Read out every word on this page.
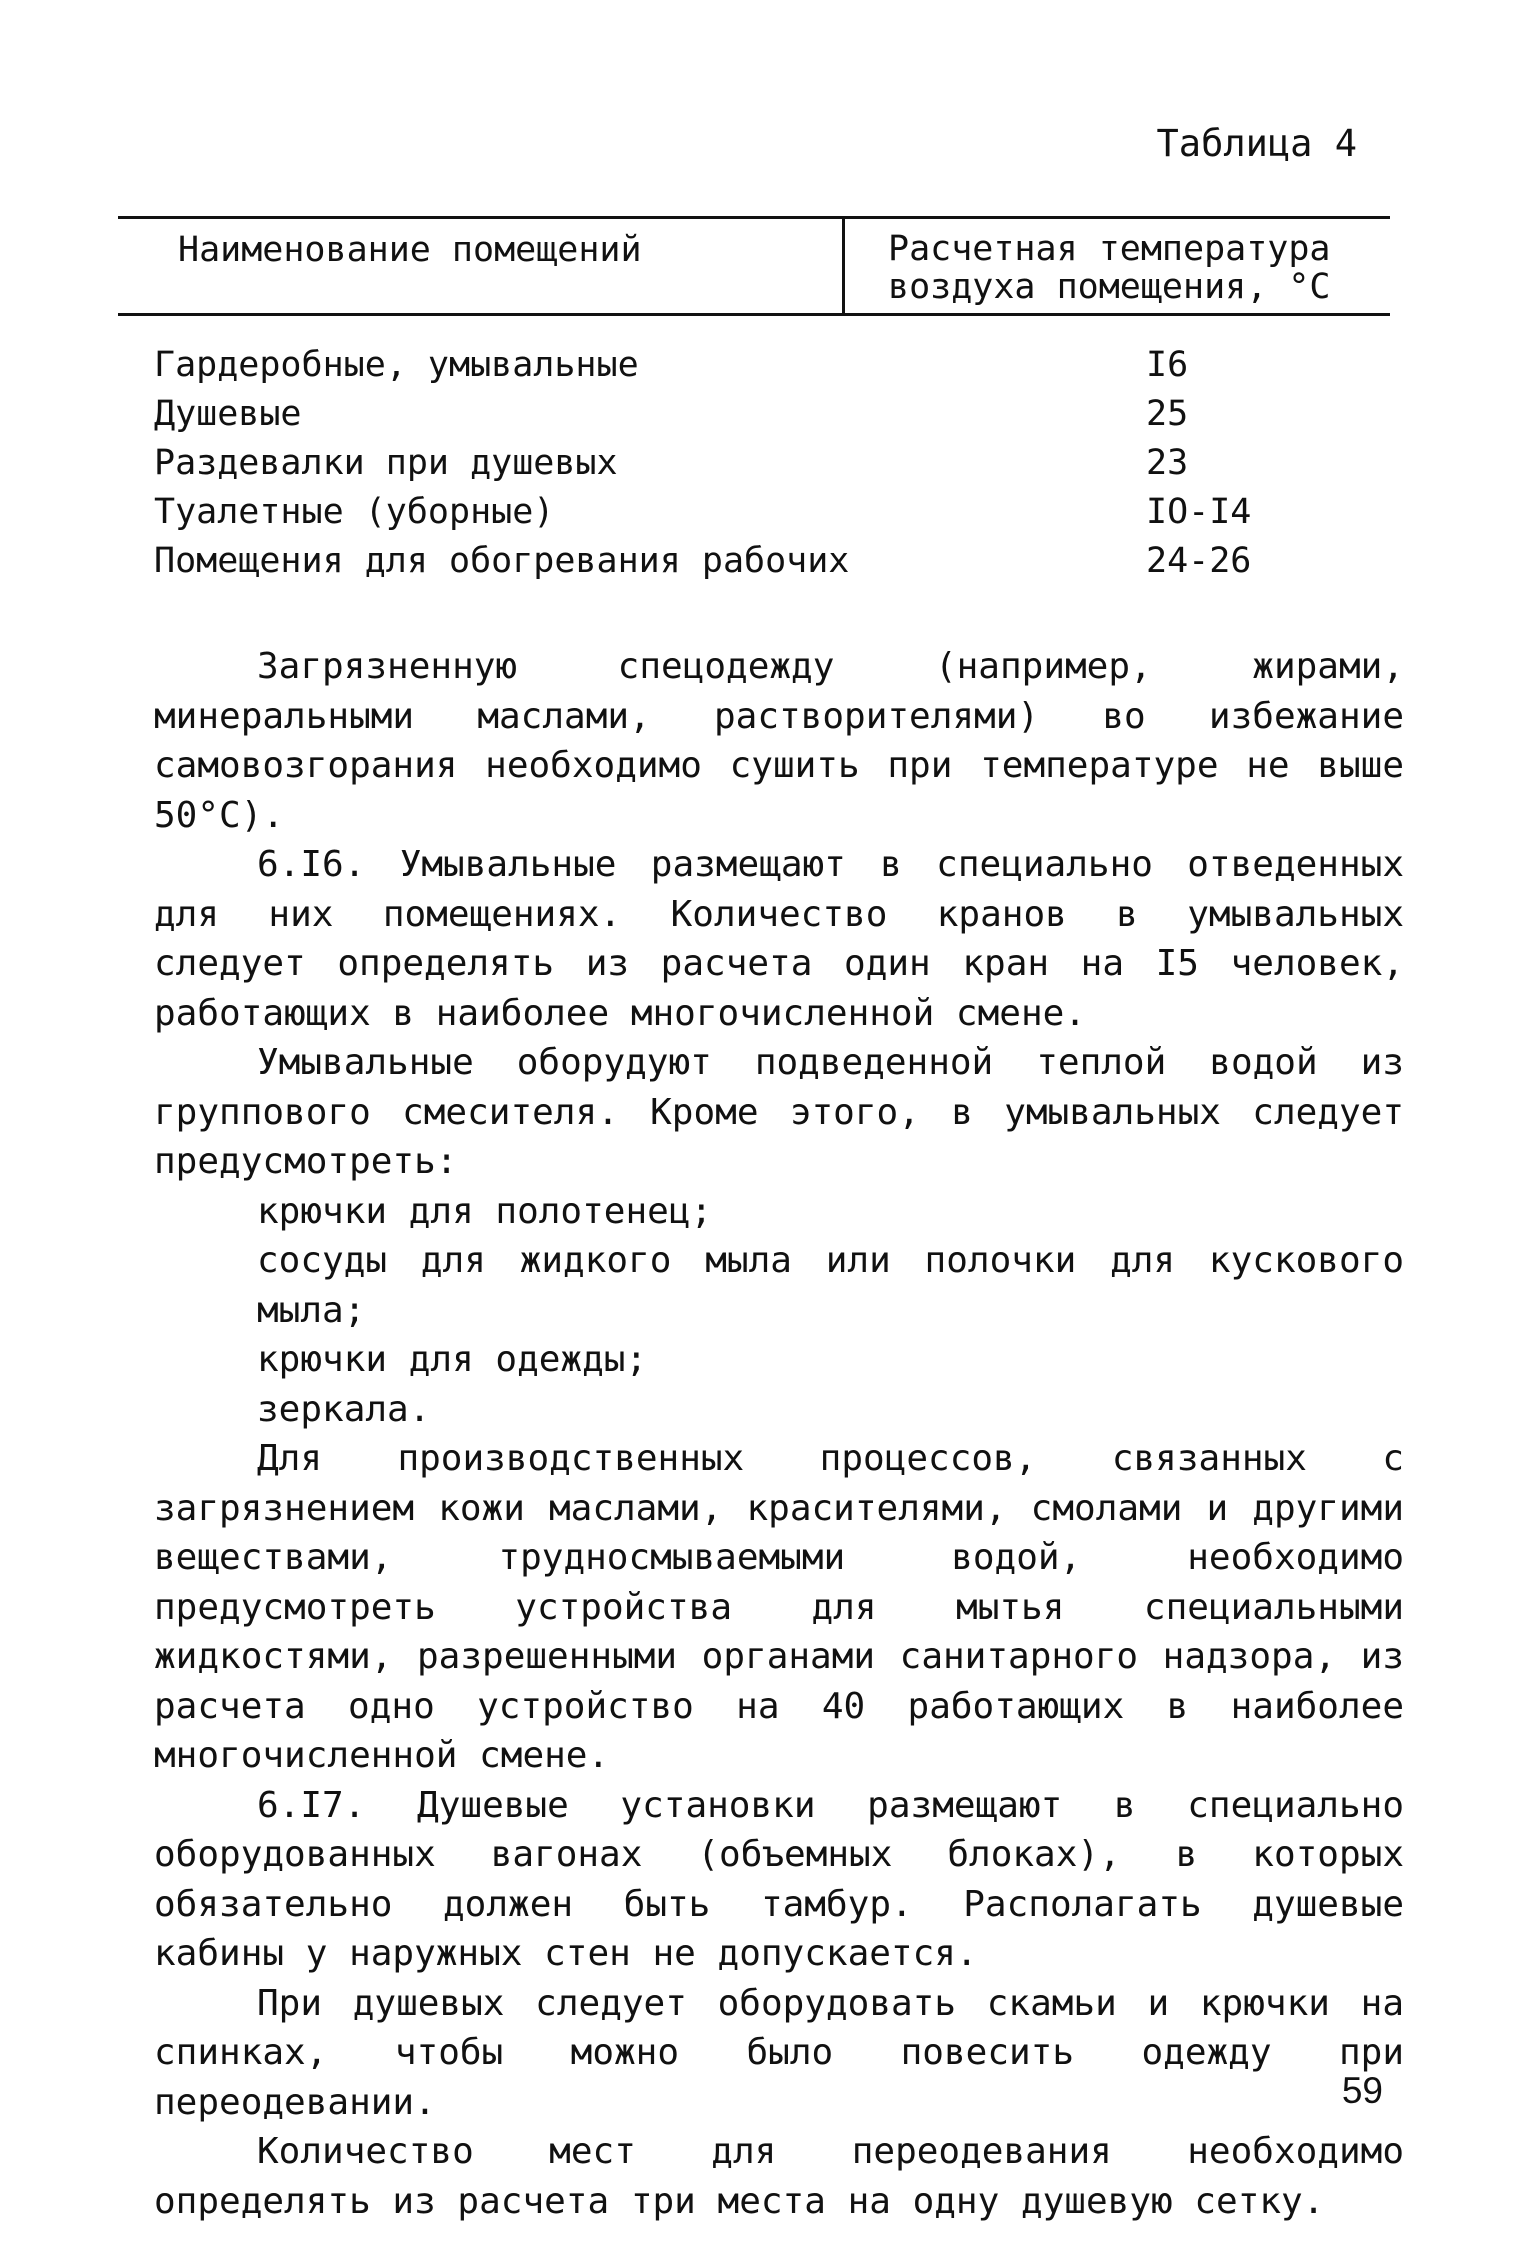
Таблица 4
Наименование помещений	Расчетная температура воздуха помещения, °С
Гардеробные, умывальные	I6
Душевые	25
Раздевалки при душевых	23
Туалетные (уборные)	IO-I4
Помещения для обогревания рабочих	24-26

Загрязненную спецодежду (например, жирами, минеральными маслами, растворителями) во избежание самовозгорания необходимо сушить при температуре не выше 50°С).

6.I6. Умывальные размещают в специально отведенных для них помещениях. Количество кранов в умывальных следует определять из расчета один кран на I5 человек, работающих в наиболее многочисленной смене.

Умывальные оборудуют подведенной теплой водой из группового смесителя. Кроме этого, в умывальных следует предусмотреть:

крючки для полотенец;

сосуды для жидкого мыла или полочки для кускового мыла;

крючки для одежды;

зеркала.

Для производственных процессов, связанных с загрязнением кожи маслами, красителями, смолами и другими веществами, трудносмываемыми водой, необходимо предусмотреть устройства для мытья специальными жидкостями, разрешенными органами санитарного надзора, из расчета одно устройство на 40 работающих в наиболее многочисленной смене.

6.I7. Душевые установки размещают в специально оборудованных вагонах (объемных блоках), в которых обязательно должен быть тамбур. Располагать душевые кабины у наружных стен не допускается.

При душевых следует оборудовать скамьи и крючки на спинках, чтобы можно было повесить одежду при переодевании.

Количество мест для переодевания необходимо определять из расчета три места на одну душевую сетку.

59
